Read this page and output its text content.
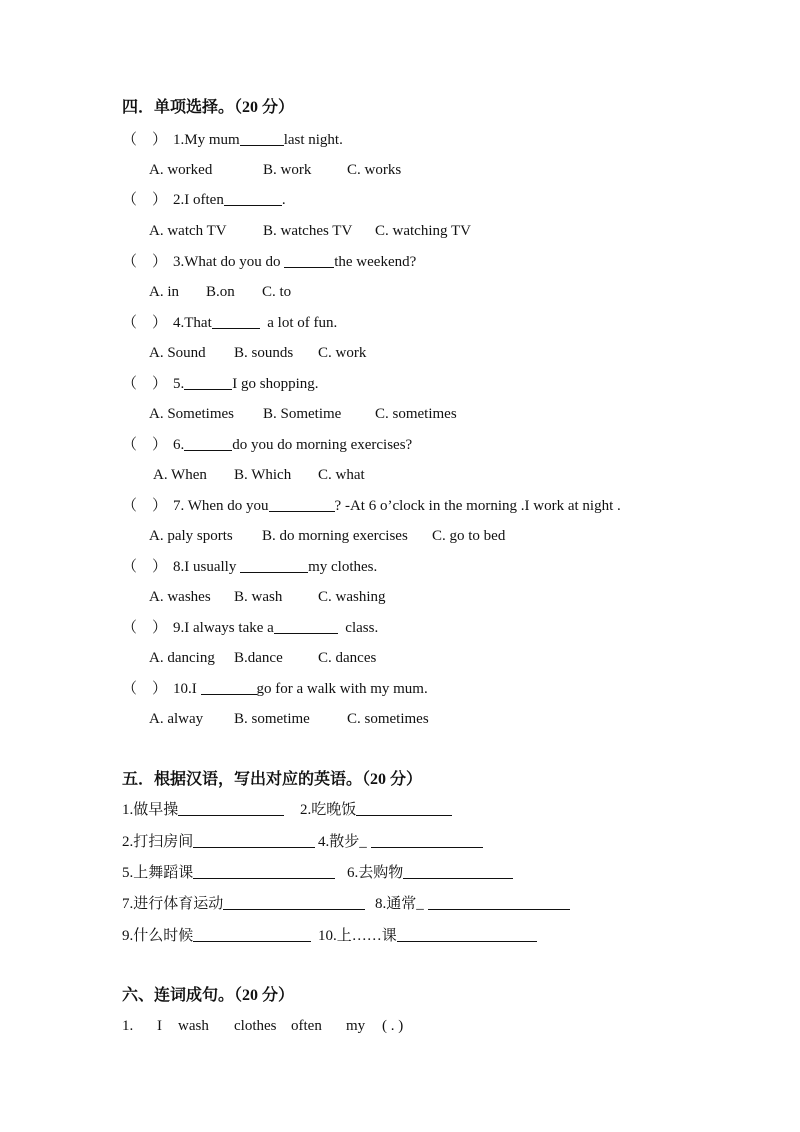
四．单项选择。（20 分）
（    ） 1.My mum	last night.
A. worked	B. work C. works
（    ） 2.I often	.
A. watch TV B. watches TV C. watching TV
（    ） 3.What do you do	the weekend?
A. in B.on C. to
（    ） 4.That	a lot of fun.
A. Sound B. sounds C. work
（    ） 5.	I go shopping.
A. Sometimes B. Sometime C. sometimes
（    ） 6.	do you do morning exercises?
A. When B. Which C. what
（    ） 7. When do you	? -At 6 o’clock in the morning .I work at night .
A. paly sports B. do morning exercises C. go to bed
（    ） 8.I usually	my clothes.
A. washes B. wash C. washing
（    ） 9.I always take a	class.
A. dancing B.dance C. dances
（    ） 10.I	go for a walk with my mum.
A. alway B. sometime C. sometimes
五．根据汉语，写出对应的英语。（20 分）
1.做早操	2.吃晚饭
2.打扫房间	4.散步_
5.上舞蹈课	6.去购物
7.进行体育运动	8.通常_
9.什么时候	10.上……课
六、连词成句。（20 分）
1. I wash clothes often my ( . )
